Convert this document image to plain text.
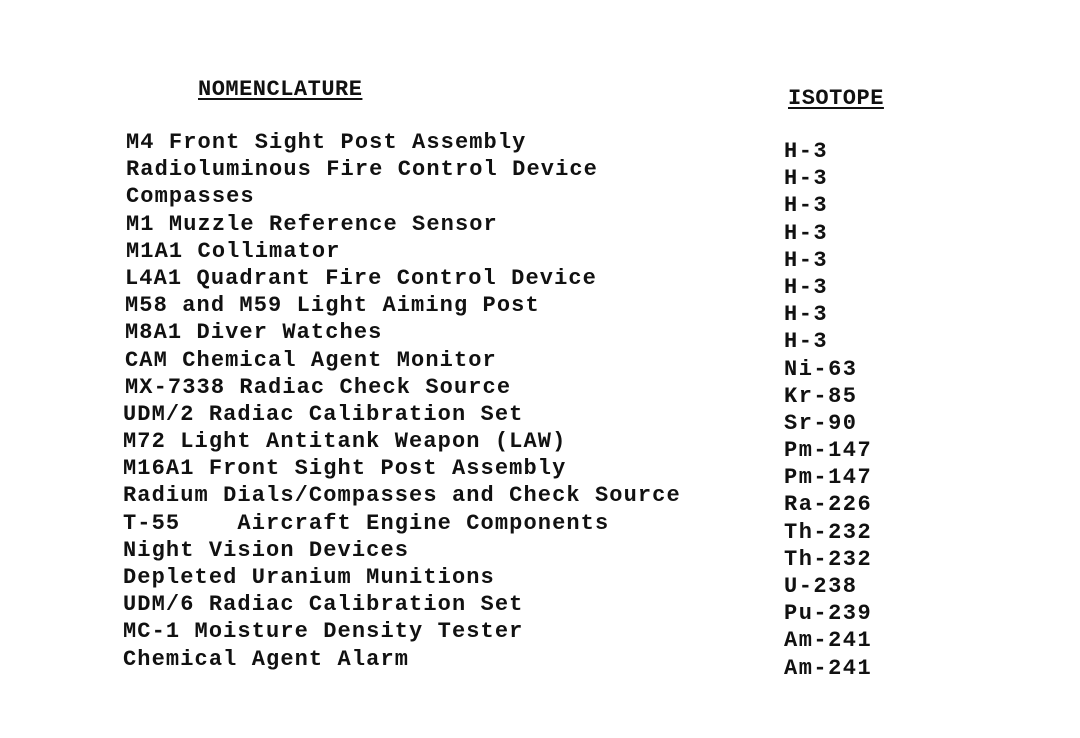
NOMENCLATURE	ISOTOPE
M4 Front Sight Post Assembly
Radioluminous Fire Control Device
Compasses
M1 Muzzle Reference Sensor
M1A1 Collimator
L4A1 Quadrant Fire Control Device
M58 and M59 Light Aiming Post
M8A1 Diver Watches
CAM Chemical Agent Monitor
MX-7338 Radiac Check Source
UDM/2 Radiac Calibration Set
M72 Light Antitank Weapon (LAW)
M16A1 Front Sight Post Assembly
Radium Dials/Compasses and Check Source
T-55    Aircraft Engine Components
Night Vision Devices
Depleted Uranium Munitions
UDM/6 Radiac Calibration Set
MC-1 Moisture Density Tester
Chemical Agent Alarm
H-3
H-3
H-3
H-3
H-3
H-3
H-3
H-3
Ni-63
Kr-85
Sr-90
Pm-147
Pm-147
Ra-226
Th-232
Th-232
U-238
Pu-239
Am-241
Am-241
